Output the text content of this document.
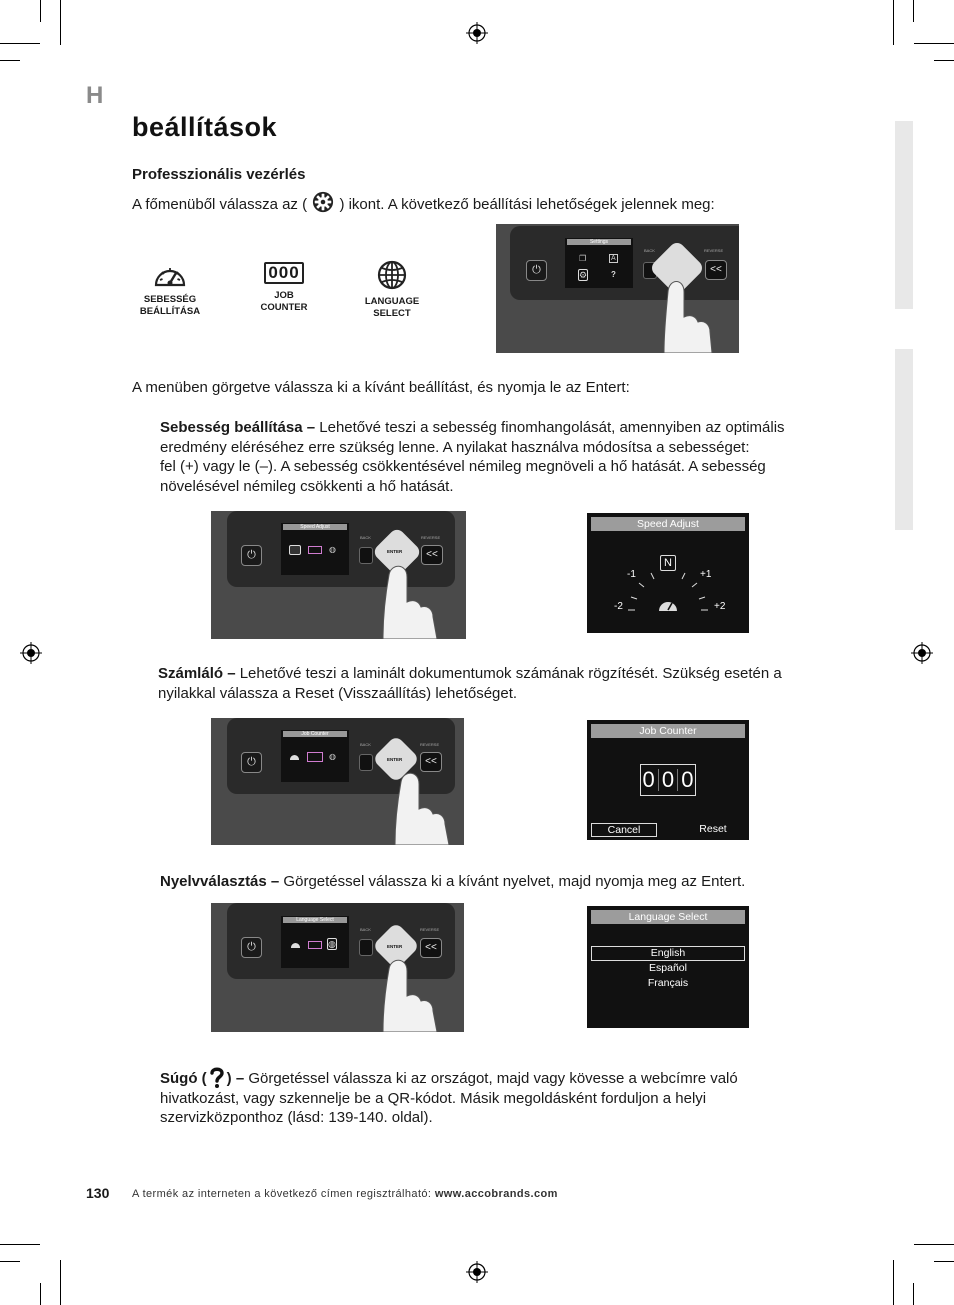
H
beállítások
Professzionális vezérlés
A főmenüből válassza az ( ) ikont. A következő beállítási lehetőségek jelennek meg:
SEBESSÉG
BEÁLLÍTÁSA
000
JOB
COUNTER
LANGUAGE
SELECT
⏻
Settings
❐	A
⚙	?
BACK	REVERSE
<<
A menüben görgetve válassza ki a kívánt beállítást, és nyomja le az Entert:
Sebesség beállítása – Lehetővé teszi a sebesség finomhangolását, amennyiben az optimális
eredmény eléréséhez erre szükség lenne. A nyilakat használva módosítsa a sebességet:
fel (+) vagy le (–). A sebesség csökkentésével némileg megnöveli a hő hatását. A sebesség
növelésével némileg csökkenti a hő hatását.
⏻
Speed Adjust
◍
BACK
ENTER
REVERSE
<<
Speed Adjust
N
-1	+1
-2	+2
Számláló – Lehetővé teszi a laminált dokumentumok számának rögzítését. Szükség esetén a
nyilakkal válassza a Reset (Visszaállítás) lehetőséget.
⏻
Job Counter
◍
BACK
ENTER
REVERSE
<<
Job Counter
0 0 0
Cancel	Reset
Nyelvválasztás – Görgetéssel válassza ki a kívánt nyelvet, majd nyomja meg az Entert.
⏻
Language Select
◍
BACK
ENTER
REVERSE
<<
Language Select
English
Español
Français
Súgó ( ) – Görgetéssel válassza ki az országot, majd vagy kövesse a webcímre való
hivatkozást, vagy szkennelje be a QR-kódot. Másik megoldásként forduljon a helyi
szervizközponthoz (lásd: 139-140. oldal).
130 A termék az interneten a következő címen regisztrálható: www.accobrands.com
